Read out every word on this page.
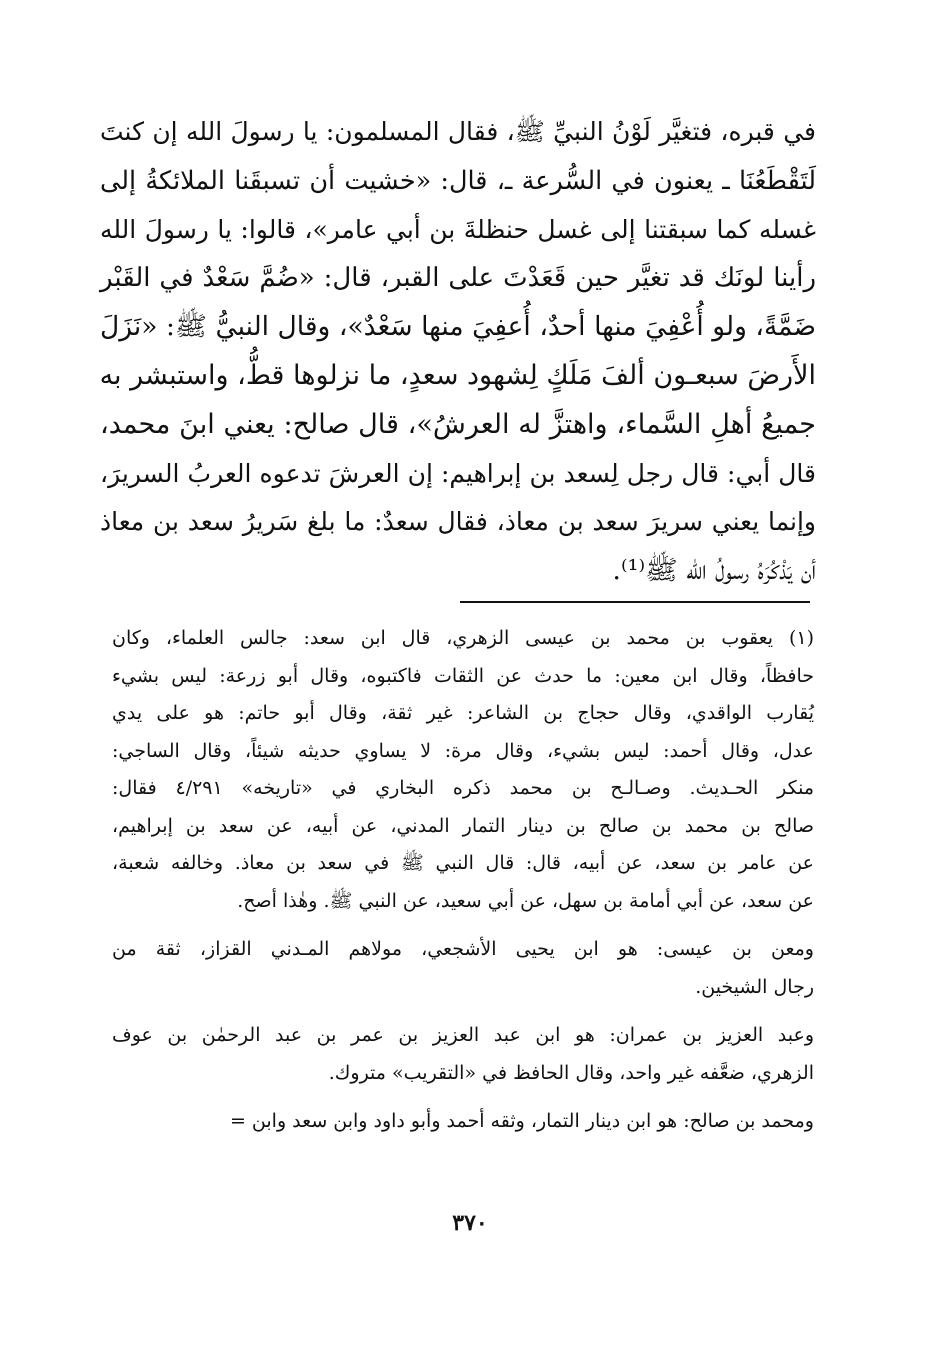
في قبره، فتغيَّر لَوْنُ النبيِّ ﷺ، فقال المسلمون: يا رسولَ الله إن كنتَ
لَتَقْطَعُنَا ـ يعنون في السُّرعة ـ، قال: «خشيت أن تسبقَنا الملائكةُ إلى
غسله كما سبقتنا إلى غسل حنظلةَ بن أبي عامر»، قالوا: يا رسولَ الله
رأينا لونَك قد تغيَّر حين قَعَدْتَ على القبر، قال: «ضُمَّ سَعْدٌ في القَبْر
ضَمَّةً، ولو أُعْفِيَ منها أحدٌ، أُعفِيَ منها سَعْدٌ»، وقال النبيُّ ﷺ: «نَزَلَ
الأَرضَ سبعـون ألفَ مَلَكٍ لِشهود سعدٍ، ما نزلوها قطُّ، واستبشر به
جميعُ أهلِ السَّماء، واهتزَّ له العرشُ»، قال صالح: يعني ابنَ محمد،
قال أبي: قال رجل لِسعد بن إبراهيم: إن العرشَ تدعوه العربُ السريرَ،
وإنما يعني سريرَ سعد بن معاذ، فقال سعدٌ: ما بلغ سَريرُ سعد بن معاذ
أن يَذْكُرَهُ رسولُ الله ﷺ⁽¹⁾.
(١) يعقوب بن محمد بن عيسى الزهري، قال ابن سعد: جالس العلماء، وكان
حافظاً، وقال ابن معين: ما حدث عن الثقات فاكتبوه، وقال أبو زرعة: ليس بشيء
يُقارب الواقدي، وقال حجاج بن الشاعر: غير ثقة، وقال أبو حاتم: هو على يدي
عدل، وقال أحمد: ليس بشيء، وقال مرة: لا يساوي حديثه شيئاً، وقال الساجي:
منكر الحـديث. وصـالـح بن محمد ذكره البخاري في «تاريخه» ٤/٢٩١ فقال:
صالح بن محمد بن صالح بن دينار التمار المدني، عن أبيه، عن سعد بن إبراهيم،
عن عامر بن سعد، عن أبيه، قال: قال النبي ﷺ في سعد بن معاذ. وخالفه شعبة،
عن سعد، عن أبي أمامة بن سهل، عن أبي سعيد، عن النبي ﷺ. وهٰذا أصح.
ومعن بن عيسى: هو ابن يحيى الأشجعي، مولاهم المـدني القزاز، ثقة من
رجال الشيخين.
وعبد العزيز بن عمران: هو ابن عبد العزيز بن عمر بن عبد الرحمٰن بن عوف
الزهري، ضعَّفه غير واحد، وقال الحافظ في «التقريب» متروك.
ومحمد بن صالح: هو ابن دينار التمار، وثقه أحمد وأبو داود وابن سعد وابن =
٣٧٠
